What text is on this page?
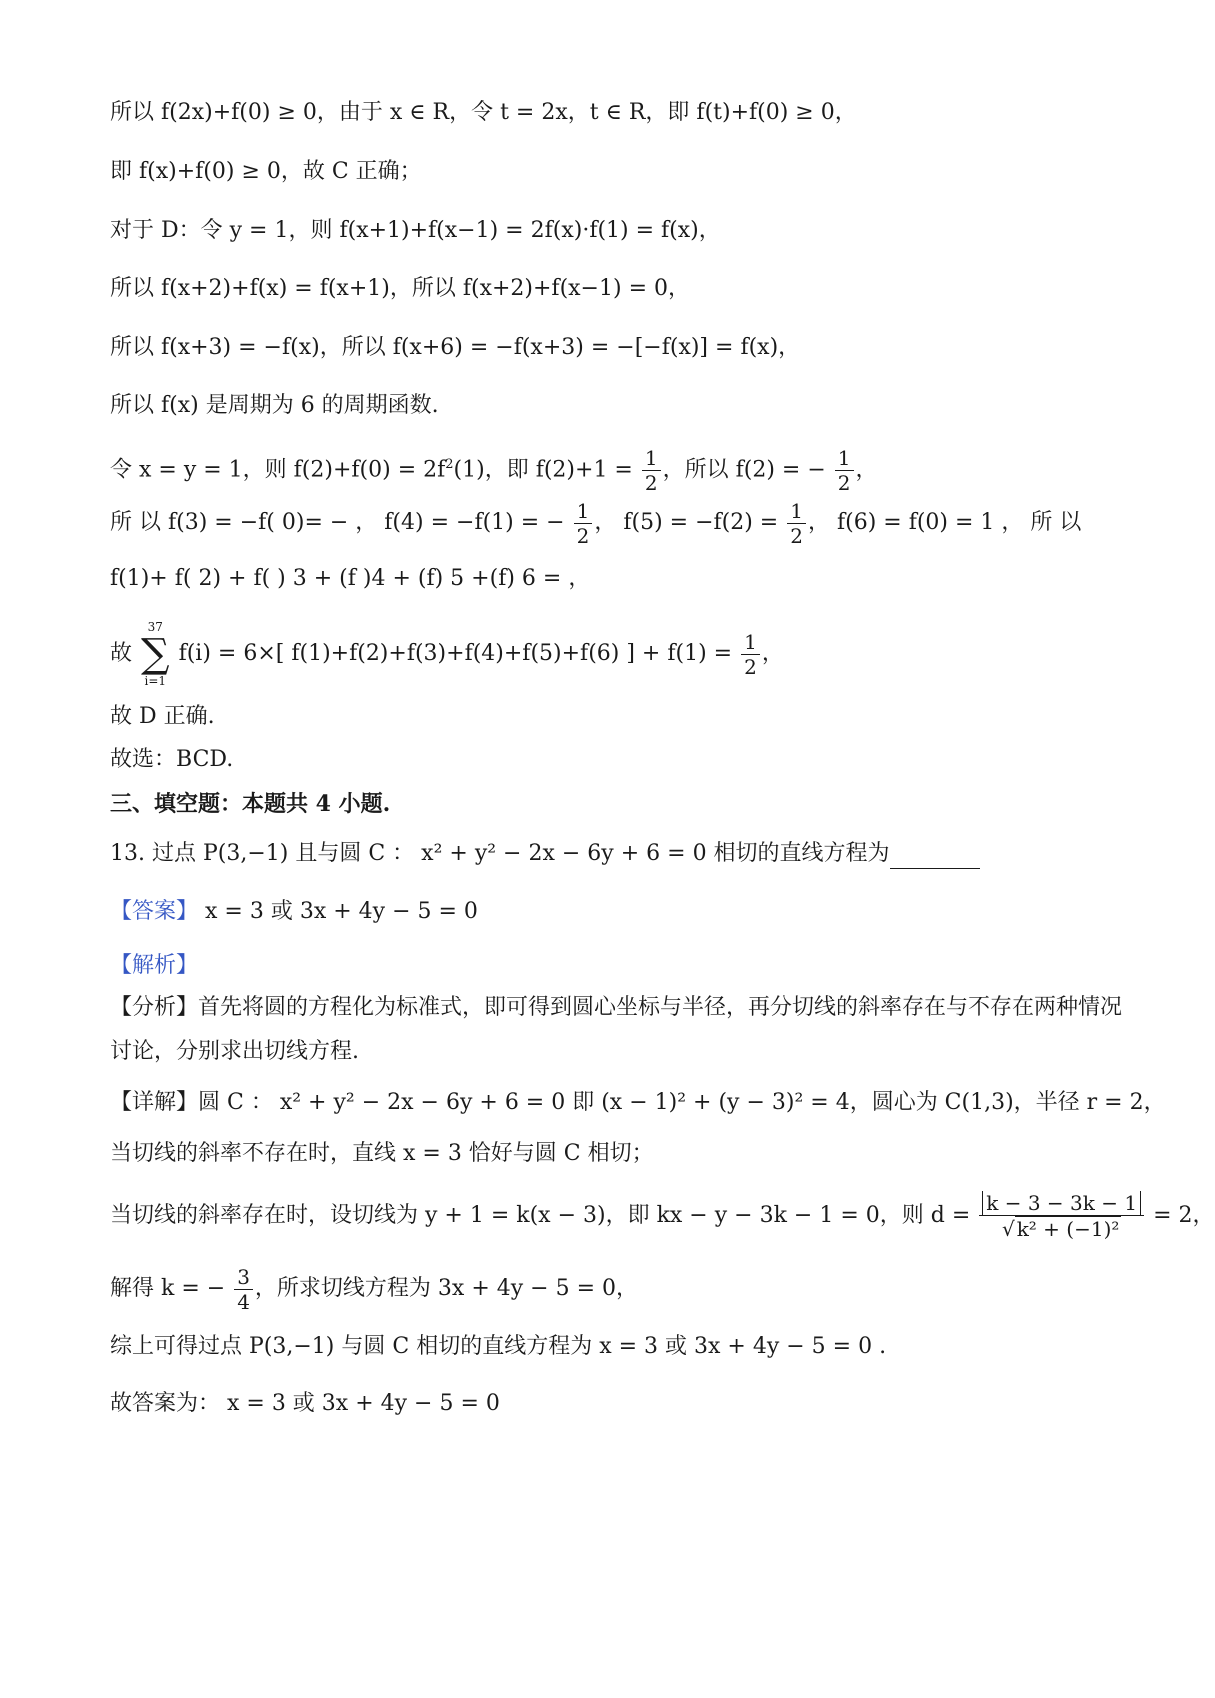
所以 f(2x)+f(0) ≥ 0，由于 x ∈ R，令 t = 2x，t ∈ R，即 f(t)+f(0) ≥ 0，
即 f(x)+f(0) ≥ 0，故 C 正确；
对于 D：令 y = 1，则 f(x+1)+f(x−1) = 2f(x)·f(1) = f(x)，
所以 f(x+2)+f(x) = f(x+1)，所以 f(x+2)+f(x−1) = 0，
所以 f(x+3) = −f(x)，所以 f(x+6) = −f(x+3) = −[−f(x)] = f(x)，
所以 f(x) 是周期为 6 的周期函数.
令 x = y = 1，则 $f(2)+f(0) = 2f^2(1)$，即 $f(2)+1 = \frac{1}{2}$ ，所以 f(2) = − $\frac{1}{2}$ ，
所 以 f(3) = −f( 0)= − ， f(4) = −f(1) = − $\frac{1}{2}$ ， $f(5) = -f(2) = \frac{1}{2}$ ， f(6) = f(0) = 1 ， 所 以
f(1)+ f( 2) + f( ) 3 + (f )4 + (f) 5 +(f) 6 = ，
故
37
∑
i=1
f(i) = 6×[ f(1)+f(2)+f(3)+f(4)+f(5)+f(6) ] + $f(1) = \frac{1}{2}$ ，
故 D 正确.
故选：BCD.
三、填空题：本题共 4 小题.
13. 过点 P(3,−1) 且与圆 C ： x² + y² − 2x − 6y + 6 = 0 相切的直线方程为
【答案】 x = 3 或 3x + 4y − 5 = 0
【解析】
【分析】首先将圆的方程化为标准式，即可得到圆心坐标与半径，再分切线的斜率存在与不存在两种情况
讨论，分别求出切线方程.
【详解】圆 C ： x² + y² − 2x − 6y + 6 = 0 即 (x − 1)² + (y − 3)² = 4，圆心为 C(1,3)，半径 r = 2，
当切线的斜率不存在时，直线 x = 3 恰好与圆 C 相切；
当切线的斜率存在时，设切线为 y + 1 = k(x − 3)，即 kx − y − 3k − 1 = 0，则 $d = \frac{k - 3 - 3k - 1}{\text{√ k² + (−1)²}} = 2$，
解得 k = − $\frac{3}{4}$ ，所求切线方程为 3x + 4y − 5 = 0，
综上可得过点 P(3,−1) 与圆 C 相切的直线方程为 x = 3 或 3x + 4y − 5 = 0 .
故答案为： x = 3 或 3x + 4y − 5 = 0
